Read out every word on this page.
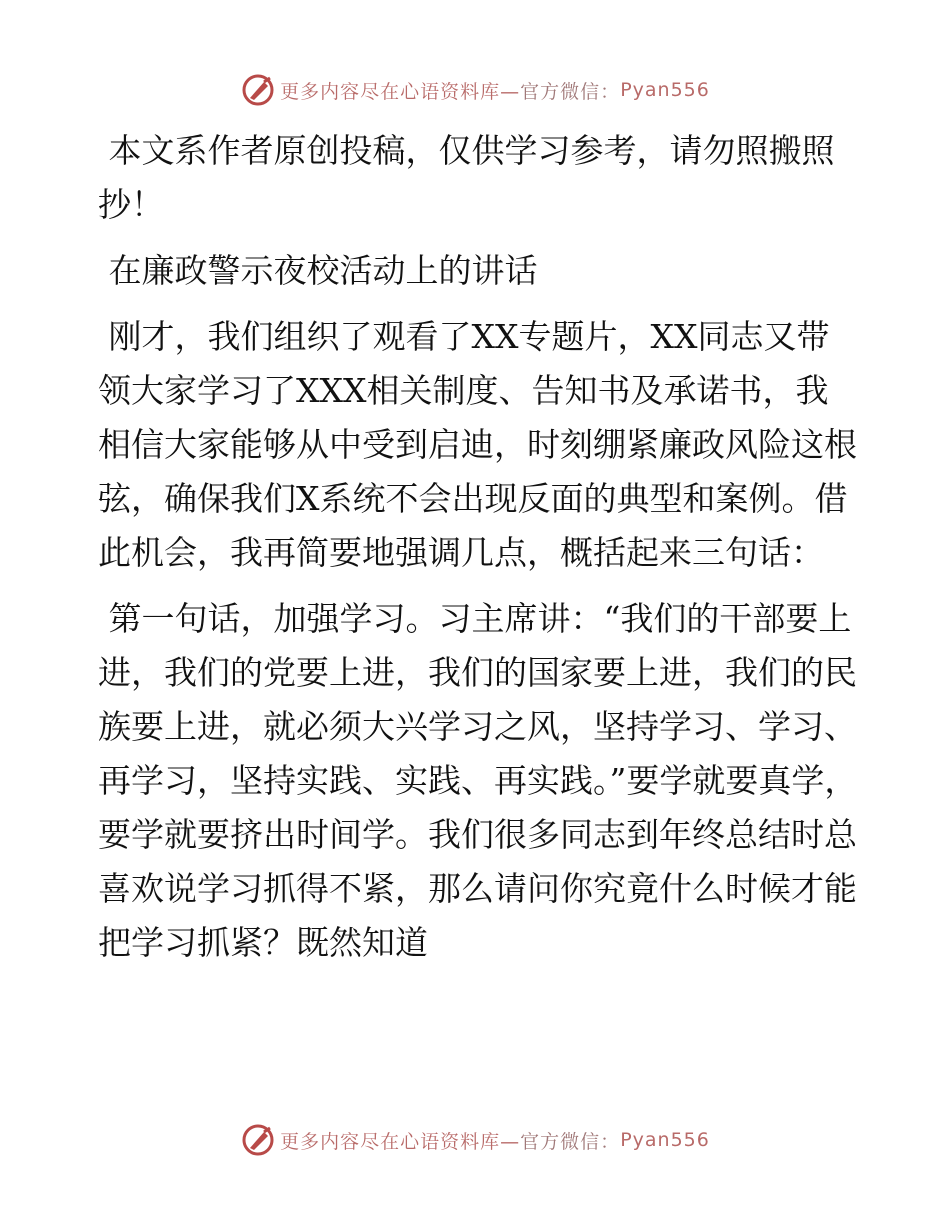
更多内容尽在心语资料库— 官方微信： Pyan556

本文系作者原创投稿，仅供学习参考，请勿照搬照抄！

在廉政警示夜校活动上的讲话

刚才，我们组织了观看了XX专题片，XX同志又带领大家学习了XXX相关制度、告知书及承诺书，我相信大家能够从中受到启迪，时刻绷紧廉政风险这根弦，确保我们X系统不会出现反面的典型和案例。借此机会，我再简要地强调几点，概括起来三句话：

第一句话，加强学习。习主席讲：“我们的干部要上进，我们的党要上进，我们的国家要上进，我们的民族要上进，就必须大兴学习之风，坚持学习、学习、再学习，坚持实践、实践、再实践。”要学就要真学，要学就要挤出时间学。我们很多同志到年终总结时总喜欢说学习抓得不紧，那么请问你究竟什么时候才能把学习抓紧？既然知道

更多内容尽在心语资料库— 官方微信： Pyan556
